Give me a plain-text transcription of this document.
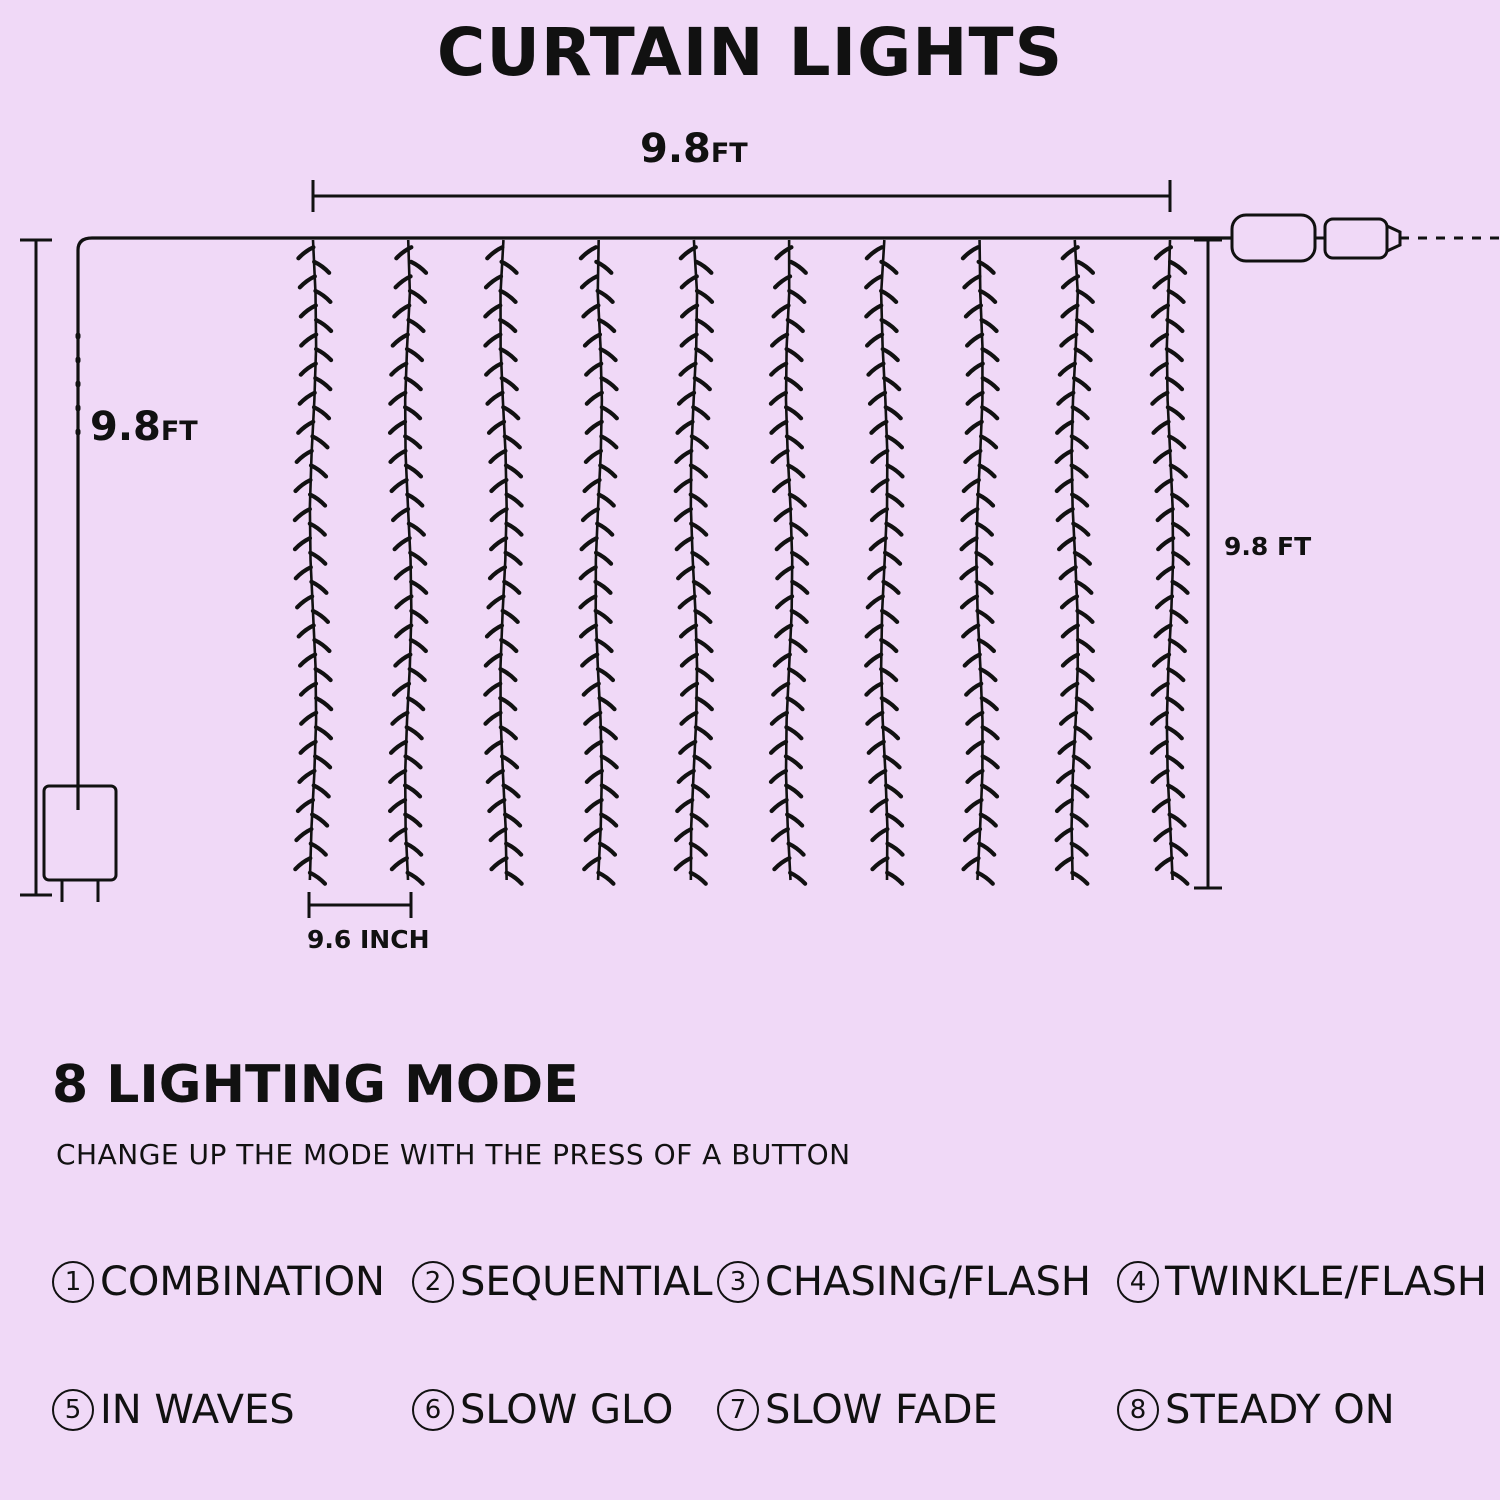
CURTAIN LIGHTS
9.8FT
9.8FT
9.8 FT
9.6 INCH
8 LIGHTING MODE
CHANGE UP THE MODE WITH THE PRESS OF A BUTTON
1 COMBINATION	2 SEQUENTIAL 3 CHASING/FLASH	4 TWINKLE/FLASH
5 IN WAVES	6 SLOW GLO	7 SLOW FADE	8 STEADY ON
